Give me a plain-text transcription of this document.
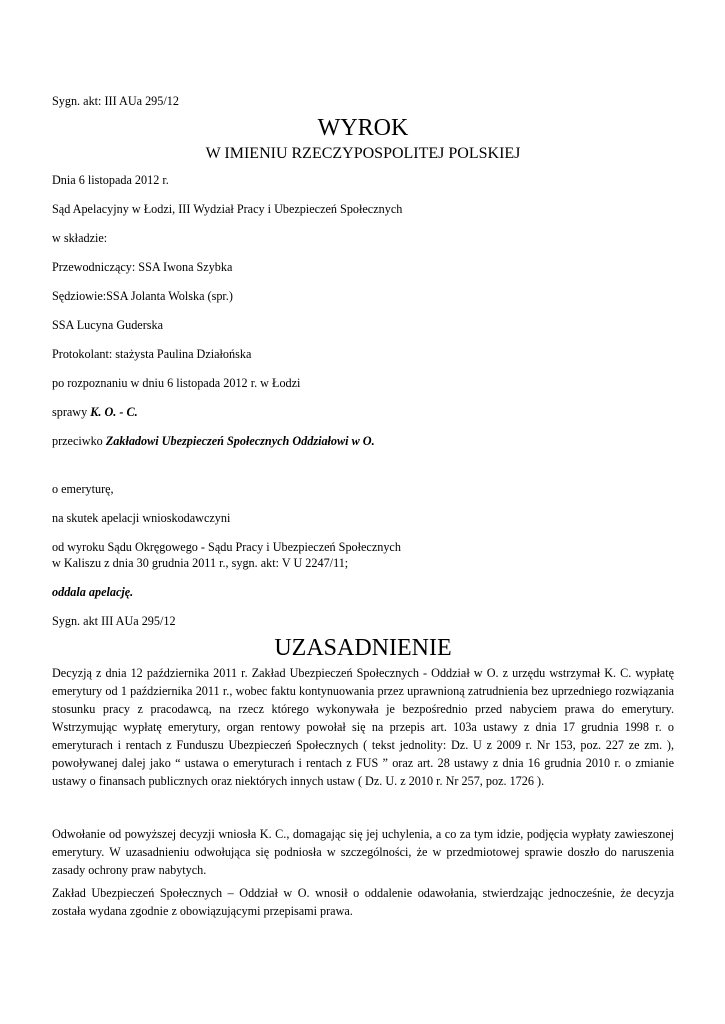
Sygn. akt: III AUa 295/12
WYROK
W IMIENIU RZECZYPOSPOLITEJ POLSKIEJ
Dnia 6 listopada 2012 r.
Sąd Apelacyjny w Łodzi, III Wydział Pracy i Ubezpieczeń Społecznych
w składzie:
Przewodniczący: SSA Iwona Szybka
Sędziowie:SSA Jolanta Wolska (spr.)
SSA Lucyna Guderska
Protokolant: stażysta Paulina Działońska
po rozpoznaniu w dniu 6 listopada 2012 r. w Łodzi
sprawy K. O. - C.
przeciwko Zakładowi Ubezpieczeń Społecznych Oddziałowi w O.
o emeryturę,
na skutek apelacji wnioskodawczyni
od wyroku Sądu Okręgowego - Sądu Pracy i Ubezpieczeń Społecznych
w Kaliszu z dnia 30 grudnia 2011 r., sygn. akt: V U 2247/11;
oddala apelację.
Sygn. akt III AUa 295/12
UZASADNIENIE
Decyzją z dnia 12 października 2011 r. Zakład Ubezpieczeń Społecznych - Oddział w O. z urzędu wstrzymał K. C. wypłatę emerytury od 1 października 2011 r., wobec faktu kontynuowania przez uprawnioną zatrudnienia bez uprzedniego rozwiązania stosunku pracy z pracodawcą, na rzecz którego wykonywała je bezpośrednio przed nabyciem prawa do emerytury. Wstrzymując wypłatę emerytury, organ rentowy powołał się na przepis art. 103a ustawy z dnia 17 grudnia 1998 r. o emeryturach i rentach z Funduszu Ubezpieczeń Społecznych ( tekst jednolity: Dz. U z 2009 r. Nr 153, poz. 227 ze zm. ), powoływanej dalej jako “ ustawa o emeryturach i rentach z FUS ” oraz art. 28 ustawy z dnia 16 grudnia 2010 r. o zmianie ustawy o finansach publicznych oraz niektórych innych ustaw ( Dz. U. z 2010 r. Nr 257, poz. 1726 ).
Odwołanie od powyższej decyzji wniosła K. C., domagając się jej uchylenia, a co za tym idzie, podjęcia wypłaty zawieszonej emerytury. W uzasadnieniu odwołująca się podniosła w szczególności, że w przedmiotowej sprawie doszło do naruszenia zasady ochrony praw nabytych.
Zakład Ubezpieczeń Społecznych – Oddział w O. wnosił o oddalenie odawołania, stwierdzając jednocześnie, że decyzja została wydana zgodnie z obowiązującymi przepisami prawa.
